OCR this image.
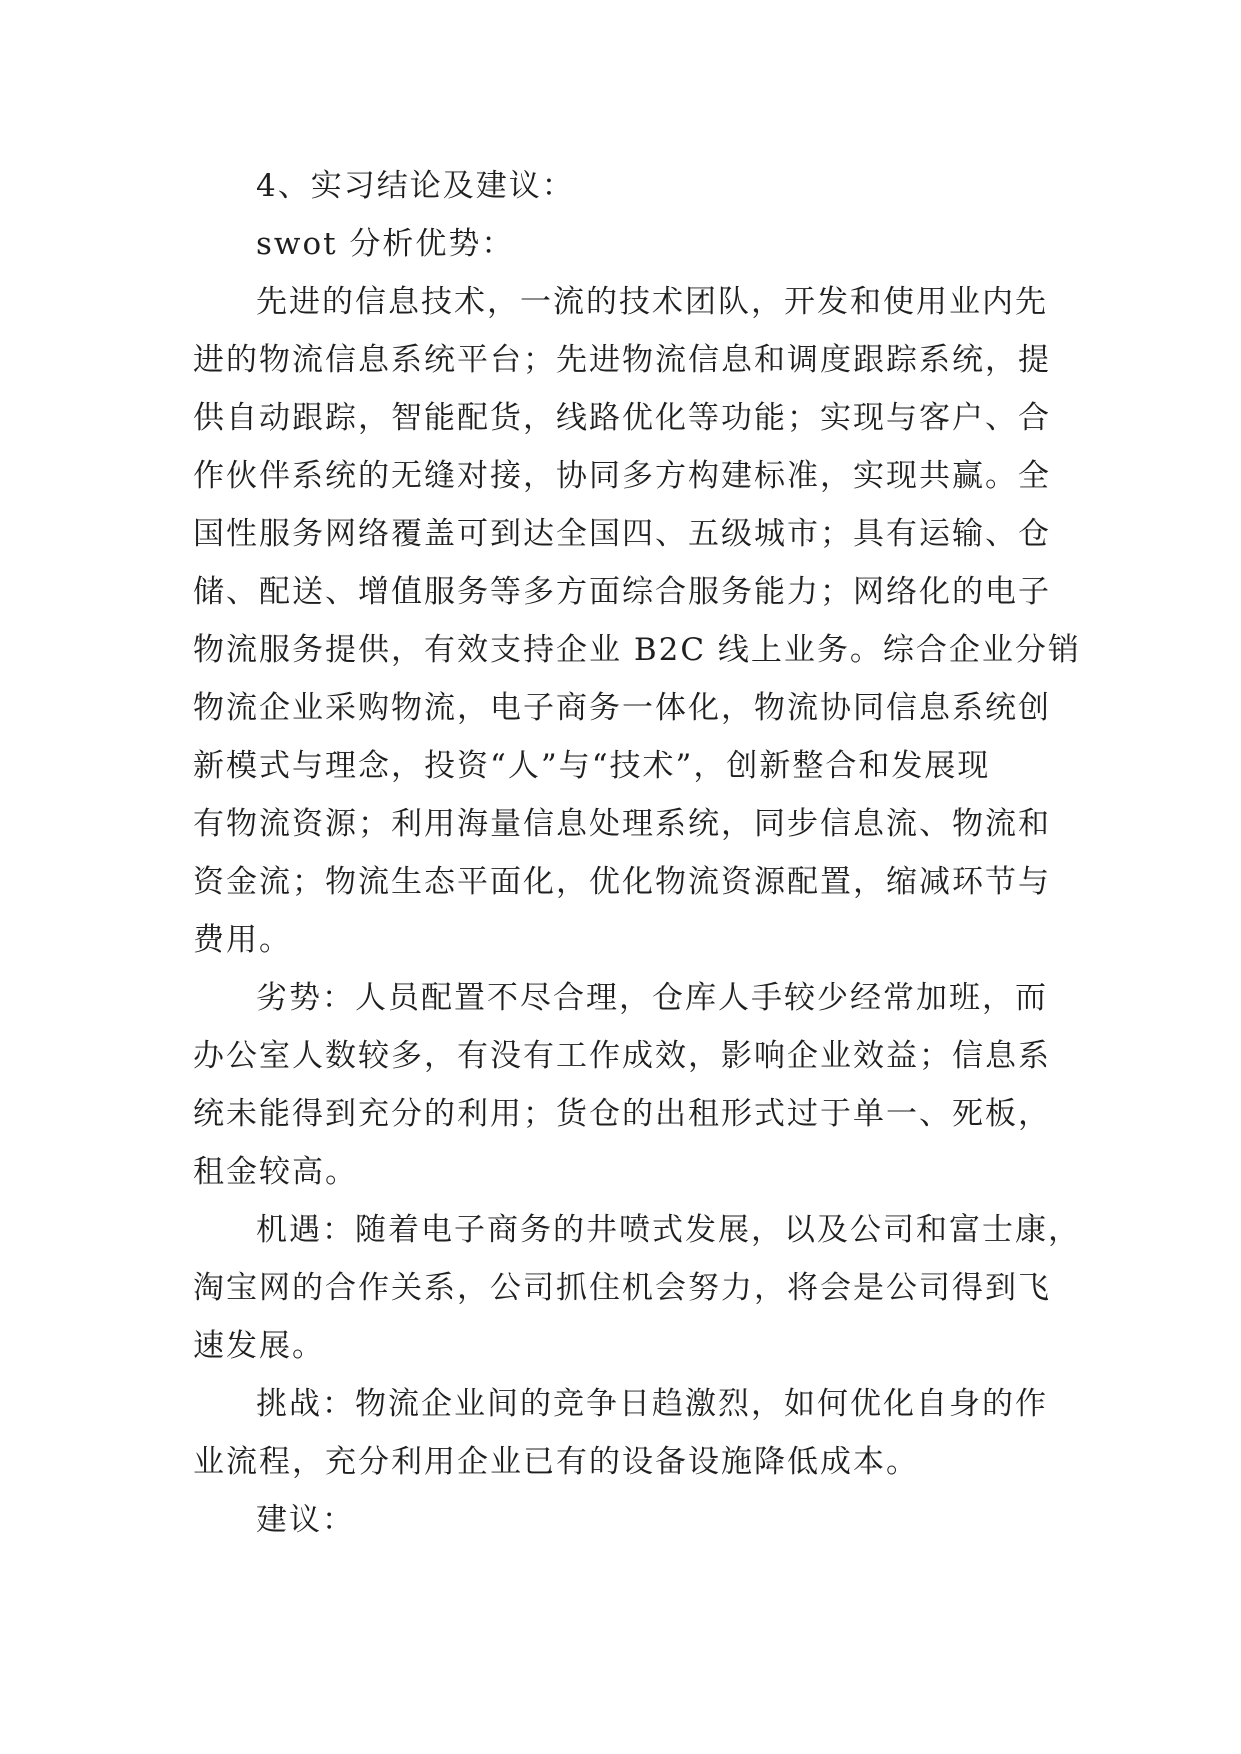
4、实习结论及建议：
swot 分析优势：
先进的信息技术，一流的技术团队，开发和使用业内先
进的物流信息系统平台；先进物流信息和调度跟踪系统，提
供自动跟踪，智能配货，线路优化等功能；实现与客户、合
作伙伴系统的无缝对接，协同多方构建标准，实现共赢。全
国性服务网络覆盖可到达全国四、五级城市；具有运输、仓
储、配送、增值服务等多方面综合服务能力；网络化的电子
物流服务提供，有效支持企业 B2C 线上业务。综合企业分销
物流企业采购物流，电子商务一体化，物流协同信息系统创
新模式与理念，投资“人”与“技术”，创新整合和发展现
有物流资源；利用海量信息处理系统，同步信息流、物流和
资金流；物流生态平面化，优化物流资源配置，缩减环节与
费用。
劣势：人员配置不尽合理，仓库人手较少经常加班，而
办公室人数较多，有没有工作成效，影响企业效益；信息系
统未能得到充分的利用；货仓的出租形式过于单一、死板，
租金较高。
机遇：随着电子商务的井喷式发展，以及公司和富士康，
淘宝网的合作关系，公司抓住机会努力，将会是公司得到飞
速发展。
挑战：物流企业间的竞争日趋激烈，如何优化自身的作
业流程，充分利用企业已有的设备设施降低成本。
建议：
